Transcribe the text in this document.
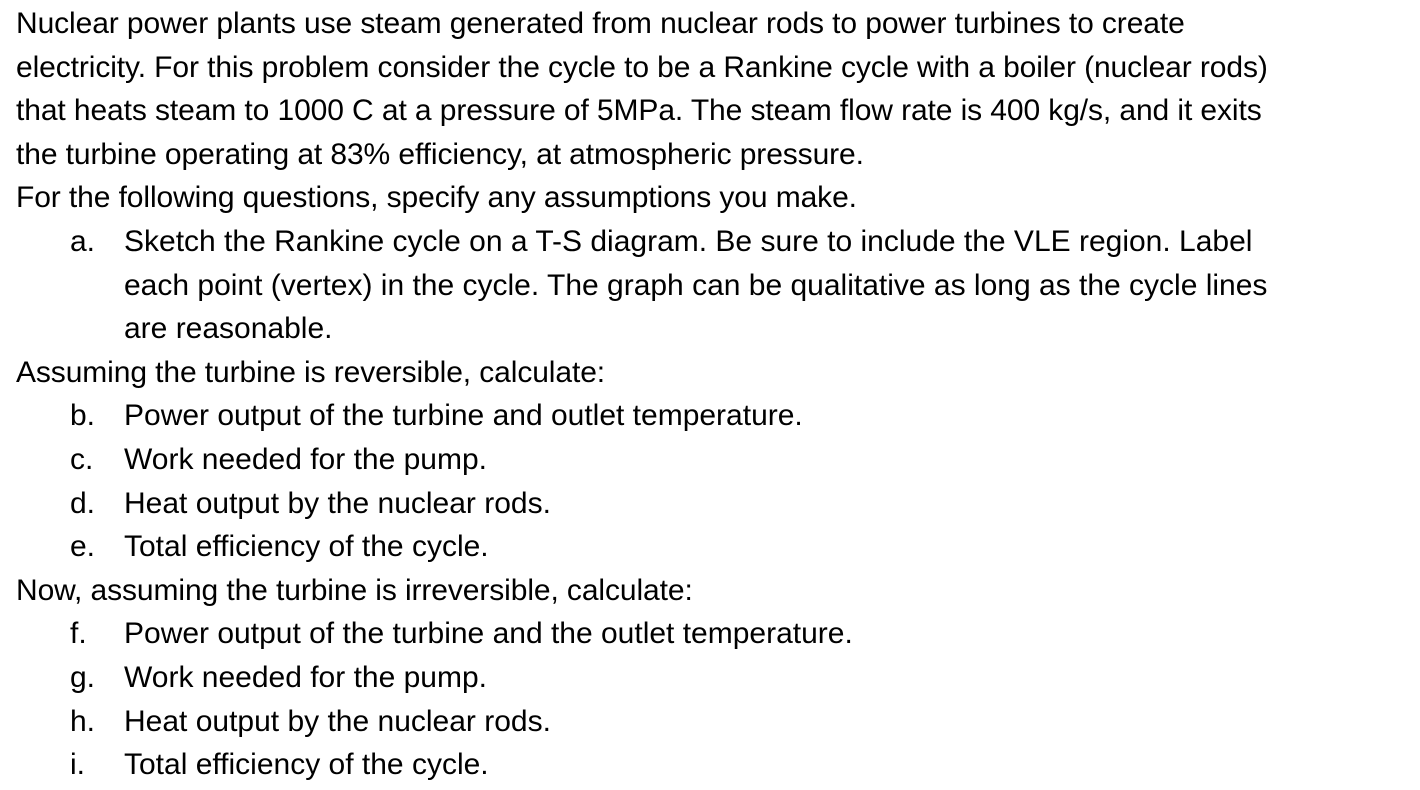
Nuclear power plants use steam generated from nuclear rods to power turbines to create
electricity. For this problem consider the cycle to be a Rankine cycle with a boiler (nuclear rods)
that heats steam to 1000 C at a pressure of 5MPa. The steam flow rate is 400 kg/s, and it exits
the turbine operating at 83% efficiency, at atmospheric pressure.
For the following questions, specify any assumptions you make.
a. Sketch the Rankine cycle on a T-S diagram. Be sure to include the VLE region. Label
each point (vertex) in the cycle. The graph can be qualitative as long as the cycle lines
are reasonable.
Assuming the turbine is reversible, calculate:
b. Power output of the turbine and outlet temperature.
c.	Work needed for the pump.
d. Heat output by the nuclear rods.
e. Total efficiency of the cycle.
Now, assuming the turbine is irreversible, calculate:
f.	Power output of the turbine and the outlet temperature.
g. Work needed for the pump.
h. Heat output by the nuclear rods.
i.	Total efficiency of the cycle.
